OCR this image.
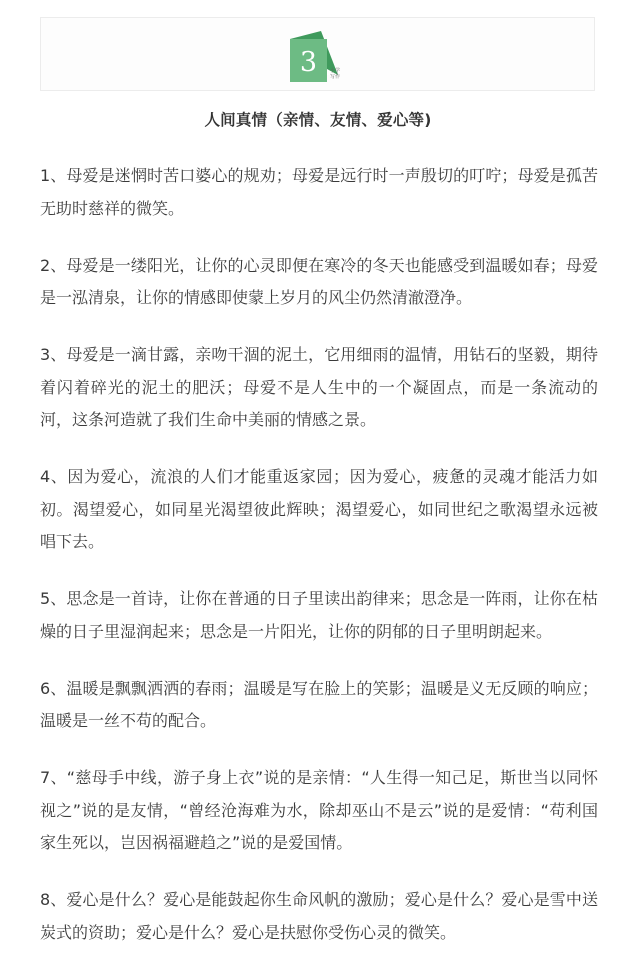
3	小学
写作
人间真情（亲情、友情、爱心等)

1、母爱是迷惘时苦口婆心的规劝；母爱是远行时一声殷切的叮咛；母爱是孤苦无助时慈祥的微笑。

2、母爱是一缕阳光，让你的心灵即便在寒冷的冬天也能感受到温暖如春；母爱是一泓清泉，让你的情感即使蒙上岁月的风尘仍然清澈澄净。

3、母爱是一滴甘露，亲吻干涸的泥土，它用细雨的温情，用钻石的坚毅，期待着闪着碎光的泥土的肥沃；母爱不是人生中的一个凝固点，而是一条流动的河，这条河造就了我们生命中美丽的情感之景。

4、因为爱心，流浪的人们才能重返家园；因为爱心，疲惫的灵魂才能活力如初。渴望爱心，如同星光渴望彼此辉映；渴望爱心，如同世纪之歌渴望永远被唱下去。

5、思念是一首诗，让你在普通的日子里读出韵律来；思念是一阵雨，让你在枯燥的日子里湿润起来；思念是一片阳光，让你的阴郁的日子里明朗起来。

6、温暖是飘飘洒洒的春雨；温暖是写在脸上的笑影；温暖是义无反顾的响应；温暖是一丝不苟的配合。

7、“慈母手中线，游子身上衣”说的是亲情：“人生得一知己足，斯世当以同怀视之”说的是友情，“曾经沧海难为水，除却巫山不是云”说的是爱情：“苟利国家生死以，岂因祸福避趋之”说的是爱国情。

8、爱心是什么？爱心是能鼓起你生命风帆的激励；爱心是什么？爱心是雪中送炭式的资助；爱心是什么？爱心是扶慰你受伤心灵的微笑。
